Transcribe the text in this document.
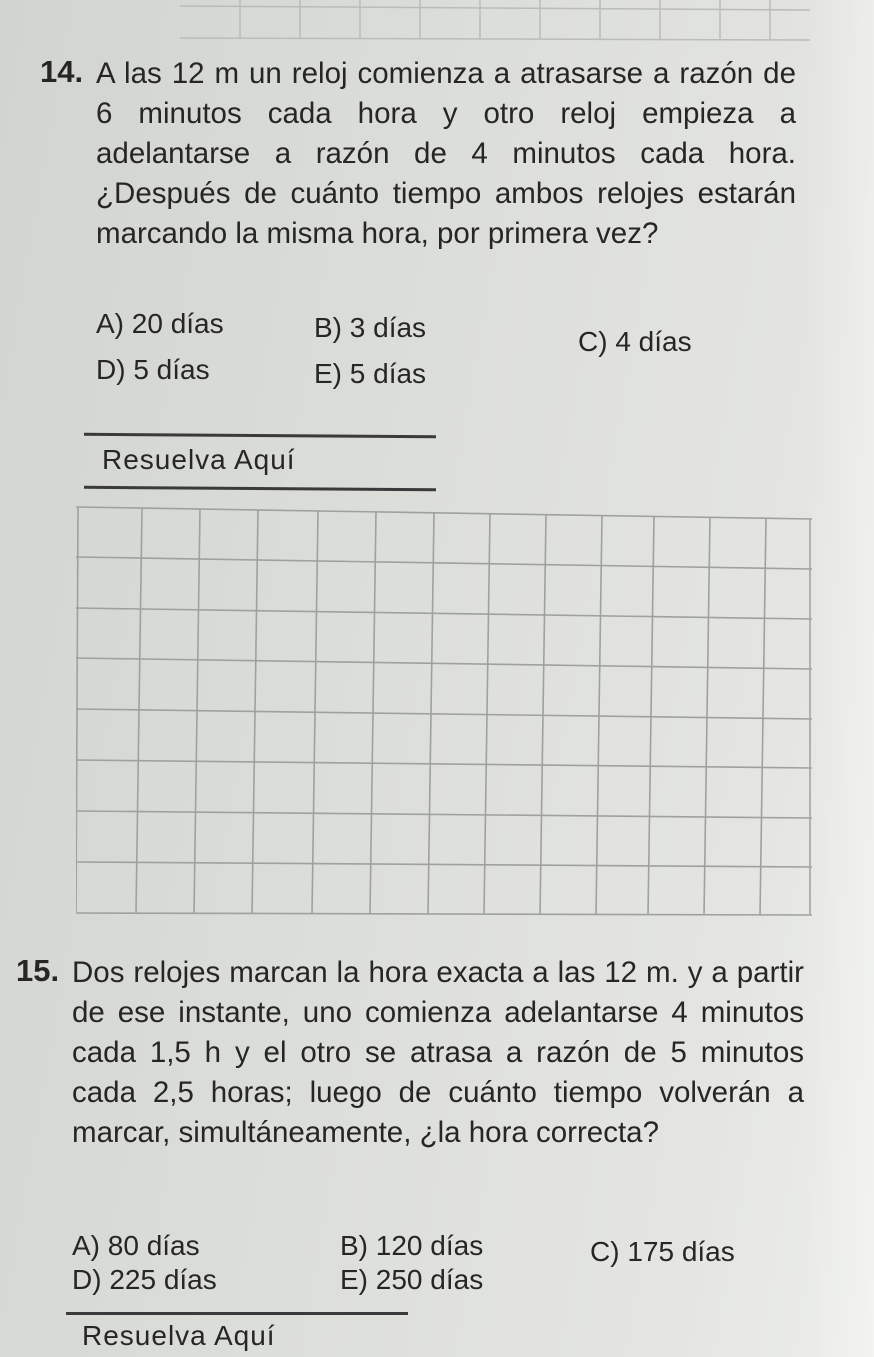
14. A las 12 m un reloj comienza a atrasarse a razón de 6 minutos cada hora y otro reloj empieza a adelantarse a razón de 4 minutos cada hora. ¿Después de cuánto tiempo ambos relojes estarán marcando la misma hora, por primera vez?
A) 20 días	B) 3 días	C) 4 días
D) 5 días	E) 5 días
Resuelva Aquí
15. Dos relojes marcan la hora exacta a las 12 m. y a partir de ese instante, uno comienza adelantarse 4 minutos cada 1,5 h y el otro se atrasa a razón de 5 minutos cada 2,5 horas; luego de cuánto tiempo volverán a marcar, simultáneamente, ¿la hora correcta?
A) 80 días	B) 120 días	C) 175 días
D) 225 días	E) 250 días
Resuelva Aquí
